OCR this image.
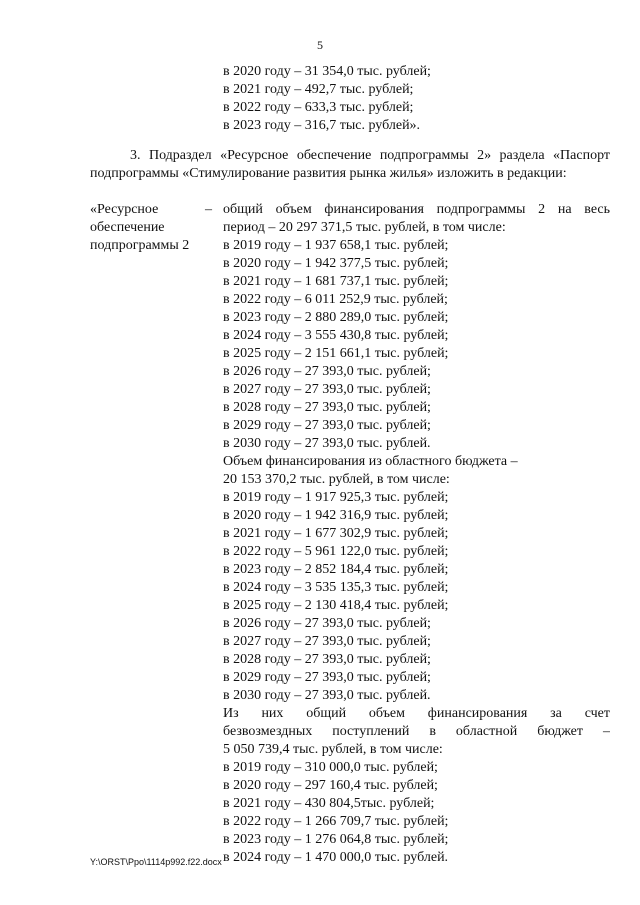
5
в 2020 году – 31 354,0 тыс. рублей;
в 2021 году – 492,7 тыс. рублей;
в 2022 году – 633,3 тыс. рублей;
в 2023 году – 316,7 тыс. рублей».
3. Подраздел «Ресурсное обеспечение подпрограммы 2» раздела «Паспорт
подпрограммы «Стимулирование развития рынка жилья» изложить в редакции:
«Ресурсное
обеспечение
подпрограммы 2
– общий объем финансирования подпрограммы 2 на весь
период – 20 297 371,5 тыс. рублей, в том числе:
в 2019 году – 1 937 658,1 тыс. рублей;
в 2020 году – 1 942 377,5 тыс. рублей;
в 2021 году – 1 681 737,1 тыс. рублей;
в 2022 году – 6 011 252,9 тыс. рублей;
в 2023 году – 2 880 289,0 тыс. рублей;
в 2024 году – 3 555 430,8 тыс. рублей;
в 2025 году – 2 151 661,1 тыс. рублей;
в 2026 году – 27 393,0 тыс. рублей;
в 2027 году – 27 393,0 тыс. рублей;
в 2028 году – 27 393,0 тыс. рублей;
в 2029 году – 27 393,0 тыс. рублей;
в 2030 году – 27 393,0 тыс. рублей.
Объем финансирования из областного бюджета –
20 153 370,2 тыс. рублей, в том числе:
в 2019 году – 1 917 925,3 тыс. рублей;
в 2020 году – 1 942 316,9 тыс. рублей;
в 2021 году – 1 677 302,9 тыс. рублей;
в 2022 году – 5 961 122,0 тыс. рублей;
в 2023 году – 2 852 184,4 тыс. рублей;
в 2024 году – 3 535 135,3 тыс. рублей;
в 2025 году – 2 130 418,4 тыс. рублей;
в 2026 году – 27 393,0 тыс. рублей;
в 2027 году – 27 393,0 тыс. рублей;
в 2028 году – 27 393,0 тыс. рублей;
в 2029 году – 27 393,0 тыс. рублей;
в 2030 году – 27 393,0 тыс. рублей.
Из них общий объем финансирования за счет
безвозмездных поступлений в областной бюджет –
5 050 739,4 тыс. рублей, в том числе:
в 2019 году – 310 000,0 тыс. рублей;
в 2020 году – 297 160,4 тыс. рублей;
в 2021 году – 430 804,5тыс. рублей;
в 2022 году – 1 266 709,7 тыс. рублей;
в 2023 году – 1 276 064,8 тыс. рублей;
в 2024 году – 1 470 000,0 тыс. рублей.
Y:\ORST\Ppo\1114p992.f22.docx
